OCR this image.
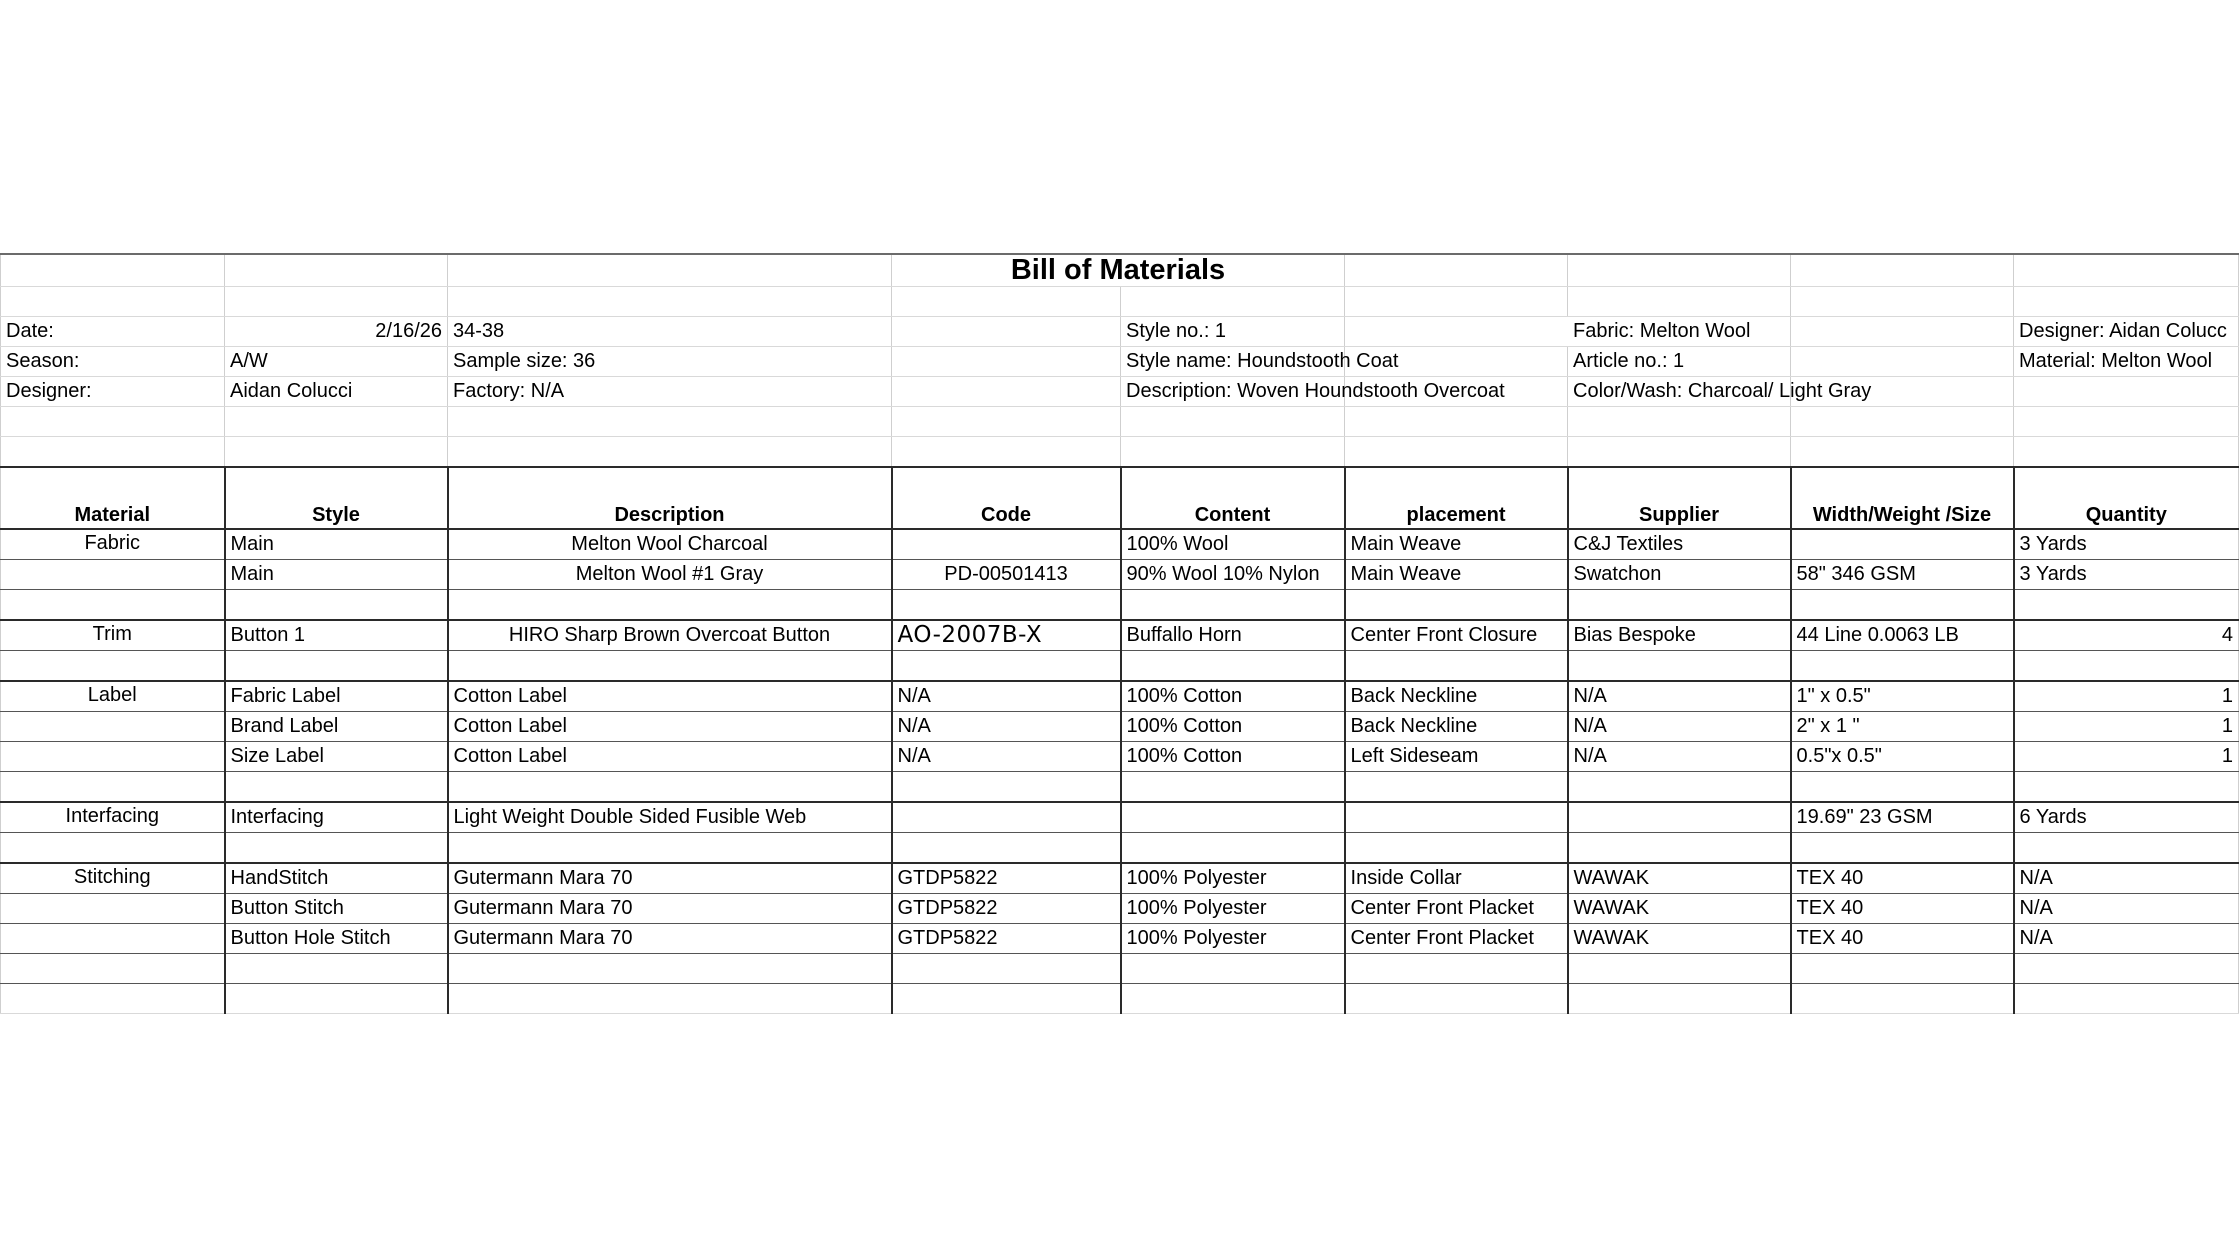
			Bill of Materials					

Date:	2/16/26	34-38		Style no.: 1		Fabric: Melton Wool		Designer: Aidan Colucc
Season:	A/W	Sample size: 36		Style name: Houndstooth Coat		Article no.: 1		Material: Melton Wool
Designer:	Aidan Colucci	Factory: N/A		Description: Woven Houndstooth Overcoat		Color/Wash: Charcoal/ Light Gray		

Material	Style	Description	Code	Content	placement	Supplier	Width/Weight /Size	Quantity
Fabric	Main	Melton Wool Charcoal		100% Wool	Main Weave	C&J Textiles		3 Yards
	Main	Melton Wool #1 Gray	PD-00501413	90% Wool 10% Nylon	Main Weave	Swatchon	58" 346 GSM	3 Yards

Trim	Button 1	HIRO Sharp Brown Overcoat Button	AO-2007B-X	Buffallo Horn	Center Front Closure	Bias Bespoke	44 Line 0.0063 LB	4

Label	Fabric Label	Cotton Label	N/A	100% Cotton	Back Neckline	N/A	1" x 0.5"	1
	Brand Label	Cotton Label	N/A	100% Cotton	Back Neckline	N/A	2" x 1 "	1
	Size Label	Cotton Label	N/A	100% Cotton	Left Sideseam	N/A	0.5"x 0.5"	1

Interfacing	Interfacing	Light Weight Double Sided Fusible Web					19.69" 23 GSM	6 Yards

Stitching	HandStitch	Gutermann Mara 70	GTDP5822	100% Polyester	Inside Collar	WAWAK	TEX 40	N/A
	Button Stitch	Gutermann Mara 70	GTDP5822	100% Polyester	Center Front Placket	WAWAK	TEX 40	N/A
	Button Hole Stitch	Gutermann Mara 70	GTDP5822	100% Polyester	Center Front Placket	WAWAK	TEX 40	N/A
